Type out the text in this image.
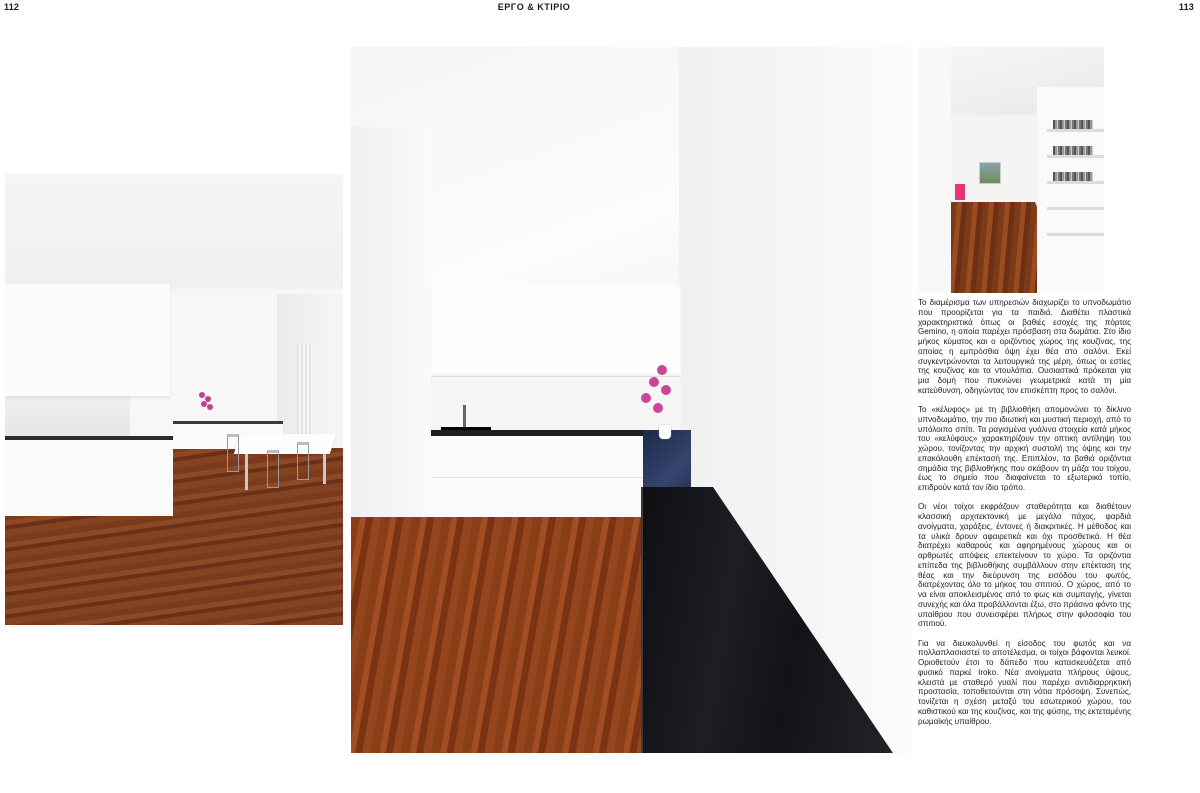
112	ΕΡΓΟ & ΚΤΙΡΙΟ	113

Το διαμέρισμα των υπηρεσιών διαχωρίζει το υπνοδωμάτιο που προορίζεται για τα παιδιά. Διαθέτει πλαστικά χαρακτηριστικά όπως οι βαθιές εσοχές της πόρτας Gemino, η οποία παρέχει πρόσβαση στα δωμάτια. Στο ίδιο μήκος κύματος και ο οριζόντιος χώρος της κουζίνας, της οποίας η εμπρόσθια όψη έχει θέα στο σαλόνι. Εκεί συγκεντρώνονται τα λειτουργικά της μέρη, όπως οι εστίες της κουζίνας και τα ντουλάπια. Ουσιαστικά πρόκειται για μια δομή που πυκνώνει γεωμετρικά κατά τη μία κατεύθυνση, οδηγώντας τον επισκέπτη προς το σαλόνι.

Το «κέλυφος» με τη βιβλιοθήκη απομονώνει το δίκλινο υπνοδωμάτιο, την πιο ιδιωτική και μυστική περιοχή, από το υπόλοιπο σπίτι. Τα ραγισμένα γυάλινα στοιχεία κατά μήκος του «κελύφους» χαρακτηρίζουν την οπτική αντίληψη του χώρου, τονίζοντας την αρχική συστολή της όψης και την επακόλουθη επέκτασή της. Επιπλέον, τα βαθιά οριζόντια σημάδια της βιβλιοθήκης που σκάβουν τη μάζα του τοίχου, έως το σημείο που διαφαίνεται το εξωτερικό τοπίο, επιδρούν κατά τον ίδιο τρόπο.

Οι νέοι τοίχοι εκφράζουν σταθερότητα και διαθέτουν κλασσική αρχιτεκτονική με μεγάλο πάχος, φαρδιά ανοίγματα, χαράξεις, έντονες ή διακριτικές. Η μέθοδος και τα υλικά δρουν αφαιρετικά και όχι προσθετικά. Η θέα διατρέχει καθαρούς και αφηρημένους χώρους και οι αρθρωτές απόψεις επεκτείνουν το χώρο. Τα οριζόντια επίπεδα της βιβλιοθήκης συμβάλλουν στην επέκταση της θέας και την διεύρυνση της εισόδου του φωτός, διατρέχοντας όλο το μήκος του σπιτιού. Ο χώρος, από το να είναι αποκλεισμένος από το φως και συμπαγής, γίνεται συνεχής και όλα προβάλλονται έξω, στο πράσινο φόντο της υπαίθρου που συνεισφέρει πλήρως στην φιλοσοφία του σπιτιού.

Για να διευκολυνθεί η είσοδος του φωτός και να πολλαπλασιαστεί το αποτέλεσμα, οι τοίχοι βάφονται λευκοί. Οριοθετούν έτσι το δάπεδο που κατασκευάζεται από φυσικό παρκέ Iroko. Νέα ανοίγματα πλήρους ύψους, κλειστά με σταθερό γυαλί που παρέχει αντιδιαρρηκτική προστασία, τοποθετούνται στη νότια πρόσοψη. Συνεπώς, τονίζεται η σχέση μεταξύ του εσωτερικού χώρου, του καθιστικού και της κουζίνας, και της φύσης, της εκτεταμένης ρωμαϊκής υπαίθρου.
